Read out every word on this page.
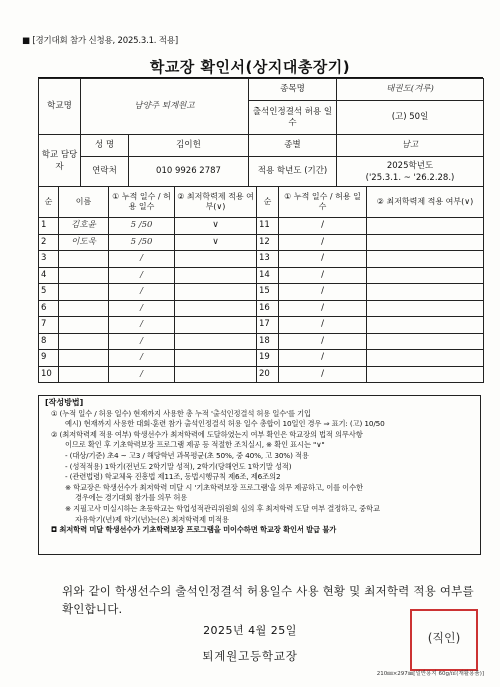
■ [경기대회 참가 신청용, 2025.3.1. 적용]
학교장 확인서(상지대총장기)
학교명	남양주 퇴계원고		종목명	태권도(겨루)
			출석인정결석 허용 일수	(고) 50일
학교 담당자	성 명	김이헌	종별	남고
	연락처	010 9926 2787	적용 학년도 (기간)	2025학년도
('25.3.1. ~ '26.2.28.)
순	이름	① 누적 일수 / 허용 일수	② 최저학력제 적용 여부(∨)	순	① 누적 일수 / 허용 일수	② 최저학력제 적용 여부(∨)
1	김호윤	5 /50	∨	11	/	
2	이도욱	5 /50	∨	12	/	
3		/		13	/	
4		/		14	/	
5		/		15	/	
6		/		16	/	
7		/		17	/	
8		/		18	/	
9		/		19	/	
10		/		20	/	
[작성방법]
① (누적 일수 / 허용 일수) 현재까지 사용한 총 누적 '출석인정결석 허용 일수'를 기입
예시) 현재까지 사용한 대회·훈련 참가 출석인정결석 허용 일수 총합이 10일인 경우 ⇒ 표기: (고) 10/50
② (최저학력제 적용 여부) 학생선수가 최저학력에 도달하였는지 여부 확인은 학교장의 법적 의무사항
이므로 확인 후 기초학력보장 프로그램 제공 등 적절한 조치실시, ※ 확인 표시는 "∨"
- (대상/기준) 초4 ~ 고3 / 해당학년 과목평균(초 50%, 중 40%, 고 30%) 적용
- (성적적용) 1학기(전년도 2학기말 성적), 2학기(당해연도 1학기말 성적)
- (관련법령) 학교체육 진흥법 제11조, 동법시행규칙 제6조, 제6조의2
※ 학교장은 학생선수가 최저학력 미달 시 '기초학력보장 프로그램'을 의무 제공하고, 이를 이수한
경우에는 경기대회 참가를 의무 허용
※ 지필고사 미실시하는 초등학교는 학업성적관리위원회 심의 후 최저학력 도달 여부 결정하고, 중학교
자유학기(년)제 학기(년)는(은) 최저학력제 미적용
◘ 최저학력 미달 학생선수가 기초학력보장 프로그램을 미이수하면 학교장 확인서 발급 불가
위와 같이 학생선수의 출석인정결석 허용일수 사용 현황 및 최저학력 적용 여부를 확인합니다.
2025년 4월 25일
퇴계원고등학교장
(직인)
210㎜×297㎜[일반용지 60g/㎡(재활용품)]
